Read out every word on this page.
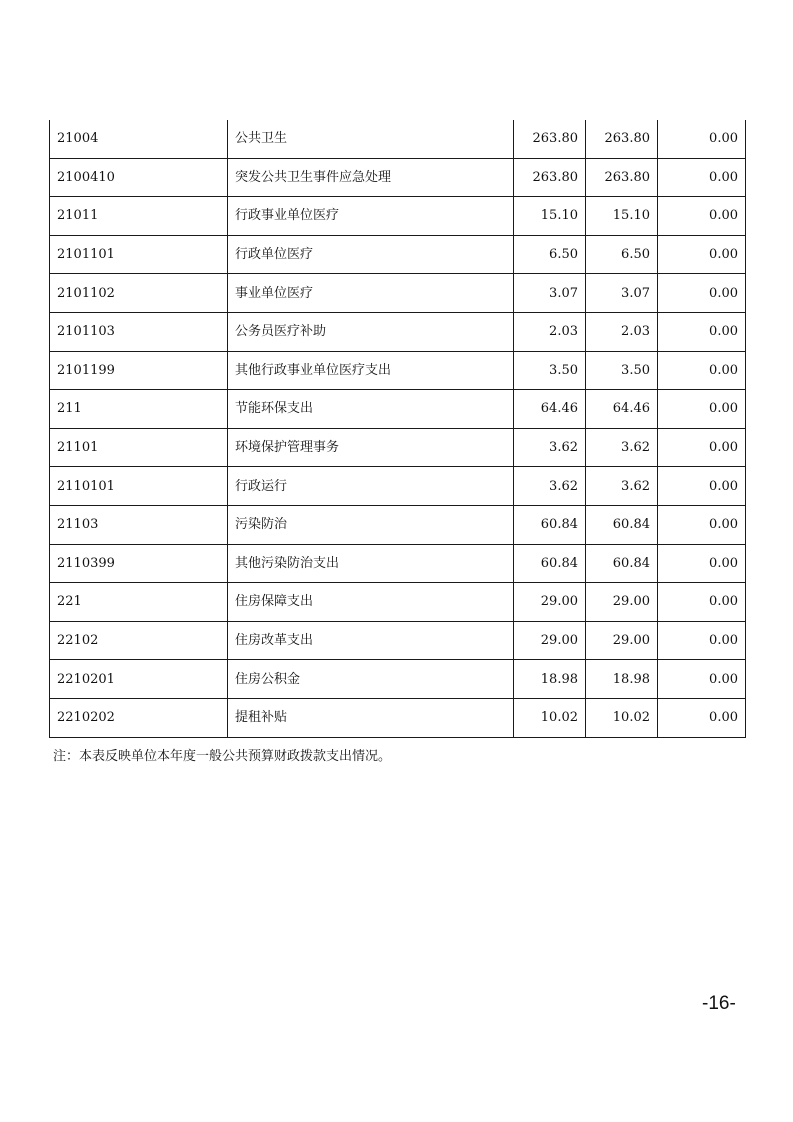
21004	公共卫生	263.80	263.80	0.00
2100410	突发公共卫生事件应急处理	263.80	263.80	0.00
21011	行政事业单位医疗	15.10	15.10	0.00
2101101	行政单位医疗	6.50	6.50	0.00
2101102	事业单位医疗	3.07	3.07	0.00
2101103	公务员医疗补助	2.03	2.03	0.00
2101199	其他行政事业单位医疗支出	3.50	3.50	0.00
211	节能环保支出	64.46	64.46	0.00
21101	环境保护管理事务	3.62	3.62	0.00
2110101	行政运行	3.62	3.62	0.00
21103	污染防治	60.84	60.84	0.00
2110399	其他污染防治支出	60.84	60.84	0.00
221	住房保障支出	29.00	29.00	0.00
22102	住房改革支出	29.00	29.00	0.00
2210201	住房公积金	18.98	18.98	0.00
2210202	提租补贴	10.02	10.02	0.00
注：本表反映单位本年度一般公共预算财政拨款支出情况。
-16-
